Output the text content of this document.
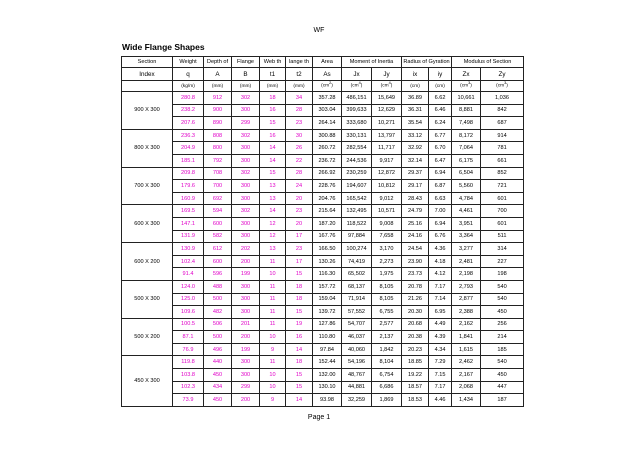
WF
Wide Flange Shapes
Section	Weight	Depth of	Flange	Web th	lange th	Area	Moment of Inertia		Radius of Gyration		Modulus of Section	
Index	q	A	B	t1	t2	As	Jx	Jy	ix	iy	Zx	Zy
	(kg/m)	(mm)	(mm)	(mm)	(mm)	$(cm^2)$	$(cm^4)$	$(cm^4)$	(cm)	(cm)	$(cm^3)$	$(cm^3)$
900 X 300	280.8	912	302	18	34	357.28	486,151	15,649	36.89	6.62	10,661	1,036
	238.2	900	300	16	28	303.04	399,633	12,629	36.31	6.46	8,881	842
	207.6	890	299	15	23	264.14	333,680	10,271	35.54	6.24	7,498	687
800 X 300	236.3	808	302	16	30	300.88	330,131	13,797	33.12	6.77	8,172	914
	204.9	800	300	14	26	260.72	282,554	11,717	32.92	6.70	7,064	781
	185.1	792	300	14	22	236.72	244,536	9,917	32.14	6.47	6,175	661
700 X 300	209.8	708	302	15	28	266.92	230,259	12,872	29.37	6.94	6,504	852
	179.6	700	300	13	24	228.76	194,607	10,812	29.17	6.87	5,560	721
	160.9	692	300	13	20	204.76	165,542	9,012	28.43	6.63	4,784	601
600 X 300	169.5	594	302	14	23	215.64	132,495	10,571	24.79	7.00	4,461	700
	147.1	600	300	12	20	187.20	118,522	9,008	25.16	6.94	3,951	601
	131.9	582	300	12	17	167.76	97,884	7,658	24.16	6.76	3,364	511
600 X 200	130.9	612	202	13	23	166.50	100,274	3,170	24.54	4.36	3,277	314
	102.4	600	200	11	17	130.26	74,419	2,273	23.90	4.18	2,481	227
	91.4	596	199	10	15	116.30	65,502	1,975	23.73	4.12	2,198	198
500 X 300	124.0	488	300	11	18	157.72	68,137	8,105	20.78	7.17	2,793	540
	125.0	500	300	11	18	159.04	71,914	8,105	21.26	7.14	2,877	540
	109.6	482	300	11	15	139.72	57,552	6,755	20.30	6.95	2,388	450
500 X 200	100.5	506	201	11	19	127.86	54,707	2,577	20.68	4.49	2,162	256
	87.1	500	200	10	16	110.80	46,037	2,137	20.38	4.39	1,841	214
	76.9	496	199	9	14	97.84	40,060	1,842	20.23	4.34	1,615	185
450 X 300	119.8	440	300	11	18	152.44	54,196	8,104	18.85	7.29	2,462	540
	103.8	450	300	10	15	132.00	48,767	6,754	19.22	7.15	2,167	450
	102.3	434	299	10	15	130.10	44,881	6,686	18.57	7.17	2,068	447
	73.9	450	200	9	14	93.98	32,259	1,869	18.53	4.46	1,434	187
Page 1
